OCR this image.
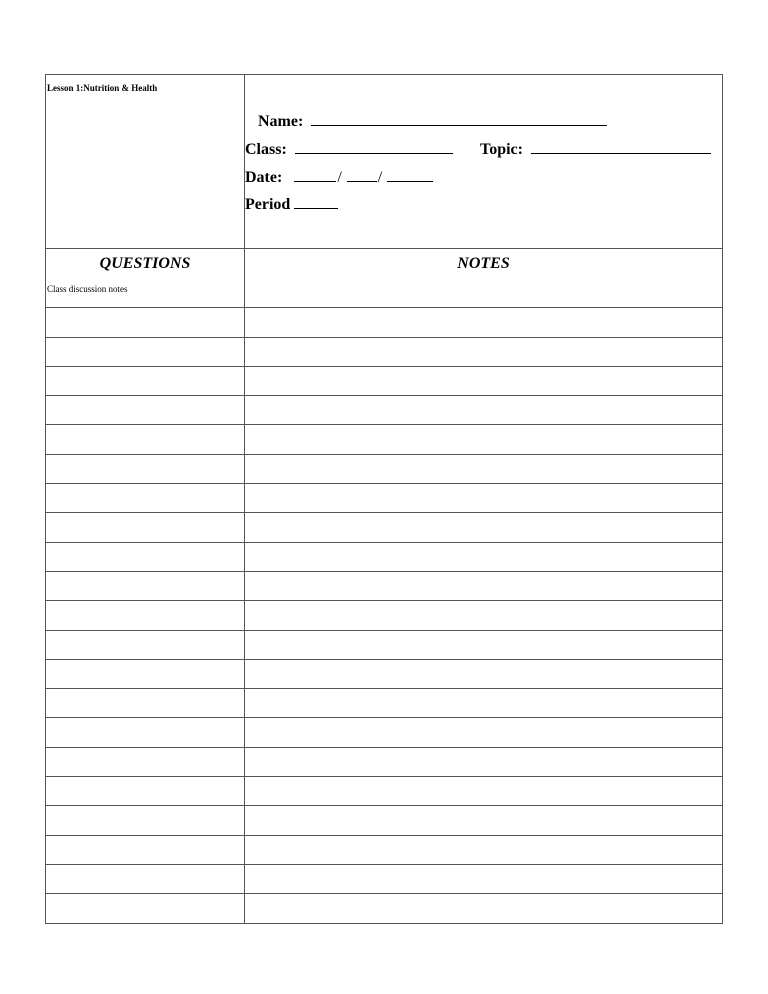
Lesson 1:Nutrition & Health
Name:
Class:	Topic:
Date:	/ /
Period
QUESTIONS	NOTES
Class discussion notes
